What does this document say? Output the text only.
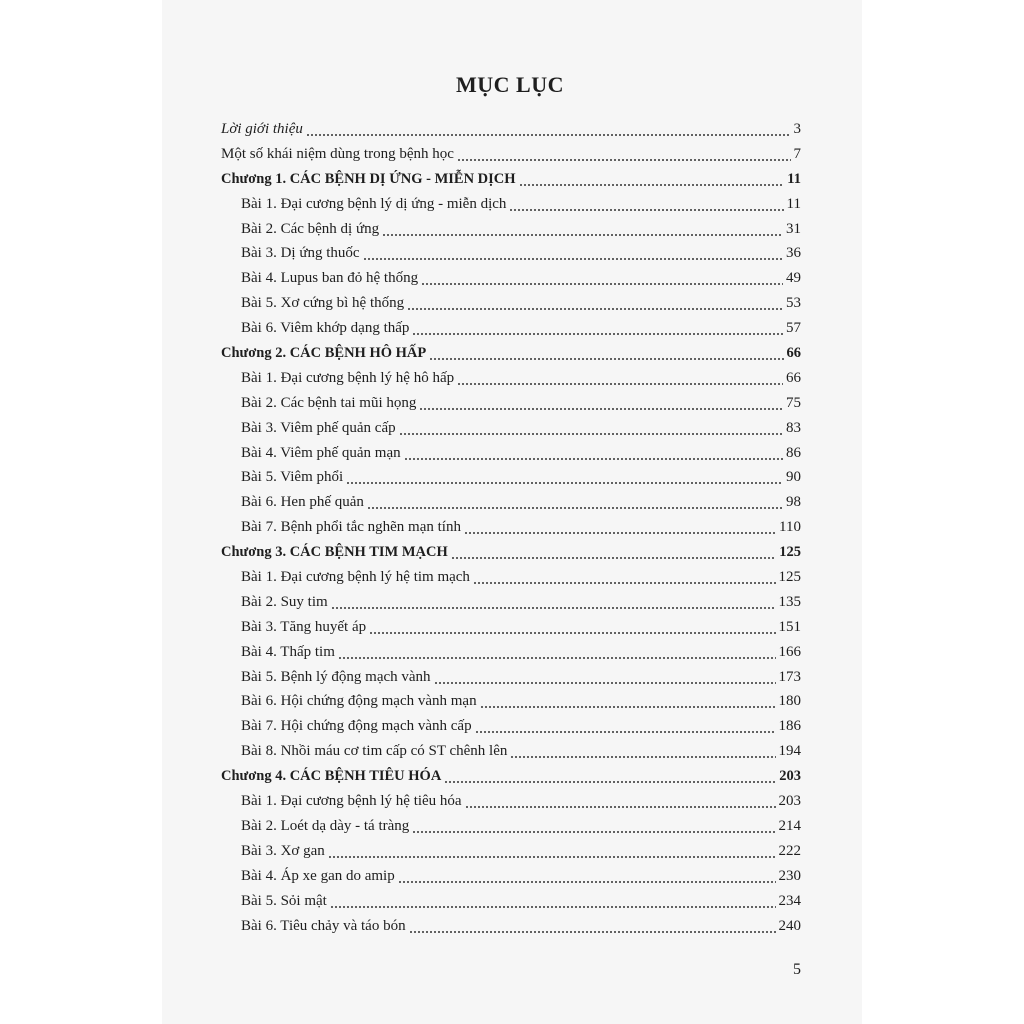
MỤC LỤC
Lời giới thiệu	3
Một số khái niệm dùng trong bệnh học	7
Chương 1. CÁC BỆNH DỊ ỨNG - MIỄN DỊCH	11
Bài 1. Đại cương bệnh lý dị ứng - miễn dịch	11
Bài 2. Các bệnh dị ứng	31
Bài 3. Dị ứng thuốc	36
Bài 4. Lupus ban đỏ hệ thống	49
Bài 5. Xơ cứng bì hệ thống	53
Bài 6. Viêm khớp dạng thấp	57
Chương 2. CÁC BỆNH HÔ HẤP	66
Bài 1. Đại cương bệnh lý hệ hô hấp	66
Bài 2. Các bệnh tai mũi họng	75
Bài 3. Viêm phế quản cấp	83
Bài 4. Viêm phế quản mạn	86
Bài 5. Viêm phổi	90
Bài 6. Hen phế quản	98
Bài 7. Bệnh phổi tắc nghẽn mạn tính	110
Chương 3. CÁC BỆNH TIM MẠCH	125
Bài 1. Đại cương bệnh lý hệ tim mạch	125
Bài 2. Suy tim	135
Bài 3. Tăng huyết áp	151
Bài 4. Thấp tim	166
Bài 5. Bệnh lý động mạch vành	173
Bài 6. Hội chứng động mạch vành mạn	180
Bài 7. Hội chứng động mạch vành cấp	186
Bài 8. Nhồi máu cơ tim cấp có ST chênh lên	194
Chương 4. CÁC BỆNH TIÊU HÓA	203
Bài 1. Đại cương bệnh lý hệ tiêu hóa	203
Bài 2. Loét dạ dày - tá tràng	214
Bài 3. Xơ gan	222
Bài 4. Áp xe gan do amip	230
Bài 5. Sỏi mật	234
Bài 6. Tiêu chảy và táo bón	240
5
